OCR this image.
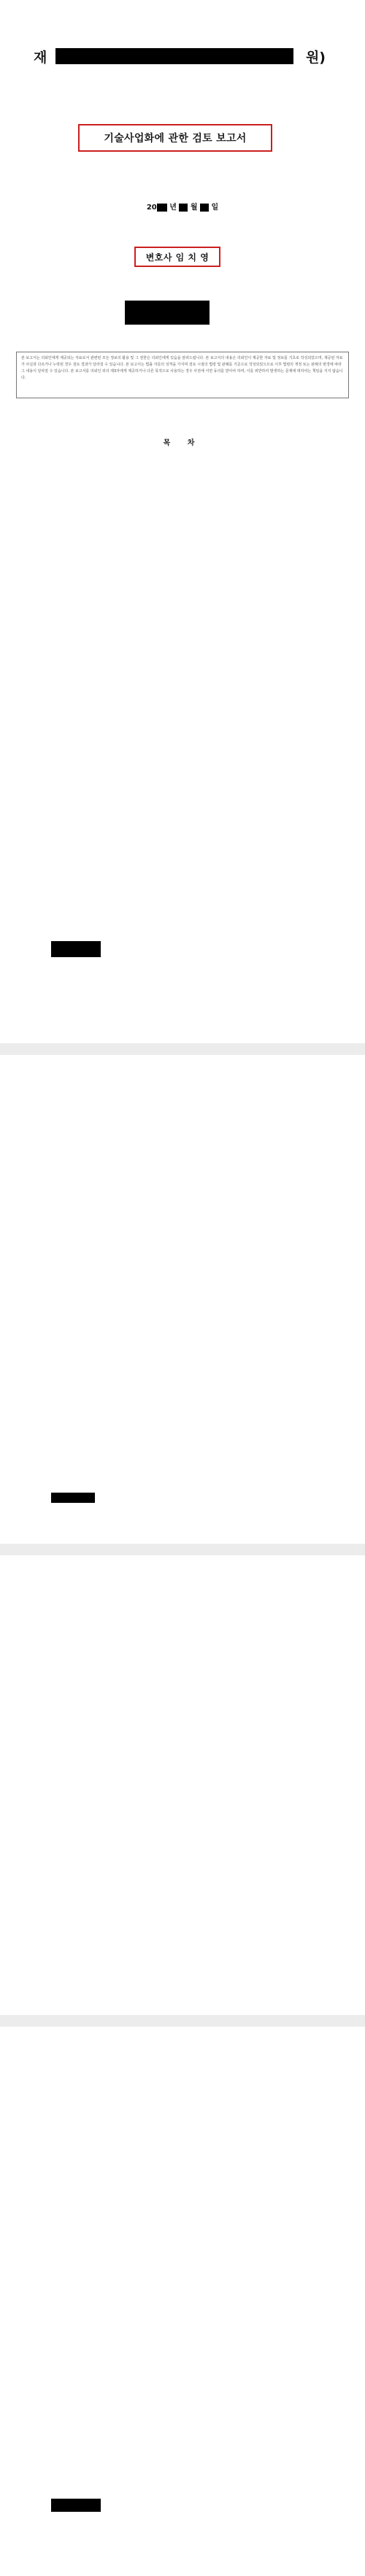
재	원)
기술사업화에 관한 검토 보고서
20 년 월 일
변호사 임 치 영
본 보고서는 의뢰인에게 제공되는 자료로서 관련된 모든 정보의 활용 및 그 권한은 의뢰인에게 있음을 알려드립니다. 본 보고서의 내용은 의뢰인이 제공한 자료 및 정보를 기초로 작성되었으며, 제공된 자료가 사실과 다르거나 누락된 경우 검토 결과가 달라질 수 있습니다. 본 보고서는 법률 자문의 성격을 가지며 검토 시점의 법령 및 판례를 기준으로 작성되었으므로 이후 법령의 개정 또는 판례의 변경에 따라 그 내용이 달라질 수 있습니다. 본 보고서를 의뢰인 외의 제3자에게 제공하거나 다른 목적으로 사용하는 경우 사전에 서면 동의를 받아야 하며, 이를 위반하여 발생하는 문제에 대하여는 책임을 지지 않습니다.
목 차
